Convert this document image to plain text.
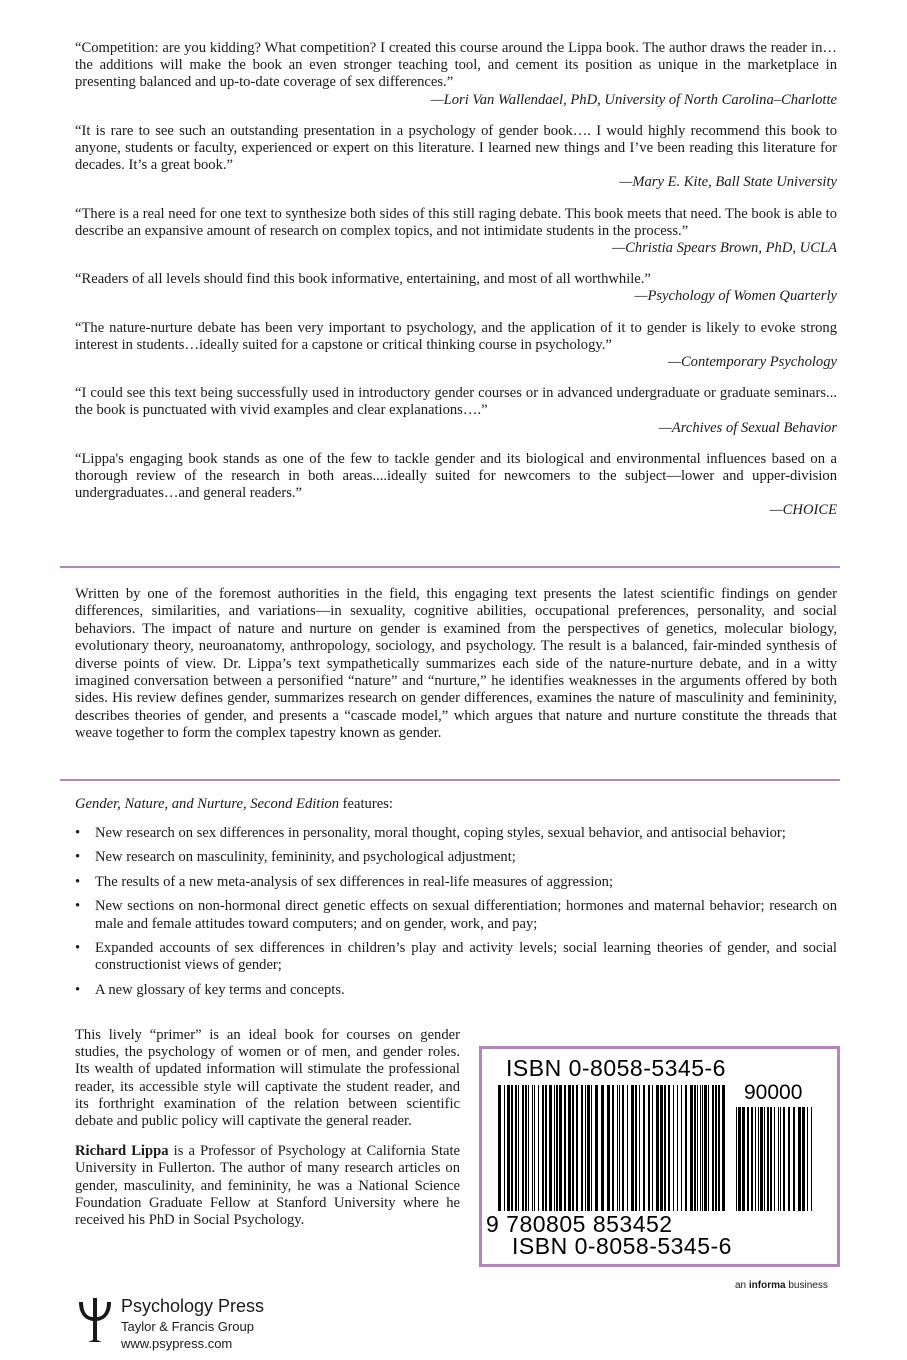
“Competition: are you kidding? What competition? I created this course around the Lippa book. The author draws the reader in…the additions will make the book an even stronger teaching tool, and cement its position as unique in the marketplace in presenting balanced and up-to-date coverage of sex differences.”

—Lori Van Wallendael, PhD, University of North Carolina–Charlotte

“It is rare to see such an outstanding presentation in a psychology of gender book…. I would highly recommend this book to anyone, students or faculty, experienced or expert on this literature. I learned new things and I’ve been reading this literature for decades. It’s a great book.”

—Mary E. Kite, Ball State University

“There is a real need for one text to synthesize both sides of this still raging debate. This book meets that need. The book is able to describe an expansive amount of research on complex topics, and not intimidate students in the process.”

—Christia Spears Brown, PhD, UCLA

“Readers of all levels should find this book informative, entertaining, and most of all worthwhile.”

—Psychology of Women Quarterly

“The nature-nurture debate has been very important to psychology, and the application of it to gender is likely to evoke strong interest in students…ideally suited for a capstone or critical thinking course in psychology.”

—Contemporary Psychology

“I could see this text being successfully used in introductory gender courses or in advanced undergraduate or graduate seminars... the book is punctuated with vivid examples and clear explanations….”

—Archives of Sexual Behavior

“Lippa's engaging book stands as one of the few to tackle gender and its biological and environmental influences based on a thorough review of the research in both areas....ideally suited for newcomers to the subject—lower and upper-division undergraduates…and general readers.”

—CHOICE

Written by one of the foremost authorities in the field, this engaging text presents the latest scientific findings on gender differences, similarities, and variations—in sexuality, cognitive abilities, occupational preferences, personality, and social behaviors. The impact of nature and nurture on gender is examined from the perspectives of genetics, molecular biology, evolutionary theory, neuroanatomy, anthropology, sociology, and psychology. The result is a balanced, fair-minded synthesis of diverse points of view. Dr. Lippa’s text sympathetically summarizes each side of the nature-nurture debate, and in a witty imagined conversation between a personified “nature” and “nurture,” he identifies weaknesses in the arguments offered by both sides. His review defines gender, summarizes research on gender differences, examines the nature of masculinity and femininity, describes theories of gender, and presents a “cascade model,” which argues that nature and nurture constitute the threads that weave together to form the complex tapestry known as gender.

Gender, Nature, and Nurture, Second Edition features:

• New research on sex differences in personality, moral thought, coping styles, sexual behavior, and antisocial behavior;
• New research on masculinity, femininity, and psychological adjustment;
• The results of a new meta-analysis of sex differences in real-life measures of aggression;
• New sections on non-hormonal direct genetic effects on sexual differentiation; hormones and maternal behavior; research on male and female attitudes toward computers; and on gender, work, and pay;
• Expanded accounts of sex differences in children’s play and activity levels; social learning theories of gender, and social constructionist views of gender;
• A new glossary of key terms and concepts.

This lively “primer” is an ideal book for courses on gender studies, the psychology of women or of men, and gender roles. Its wealth of updated information will stimulate the professional reader, its accessible style will captivate the student reader, and its forthright examination of the relation between scientific debate and public policy will captivate the general reader.

Richard Lippa is a Professor of Psychology at California State University in Fullerton. The author of many research articles on gender, masculinity, and femininity, he was a National Science Foundation Graduate Fellow at Stanford University where he received his PhD in Social Psychology.

ISBN 0-8058-5345-6
90000
9 780805 853452
ISBN 0-8058-5345-6
Psychology Press
Taylor & Francis Group
www.psypress.com
an informa business
